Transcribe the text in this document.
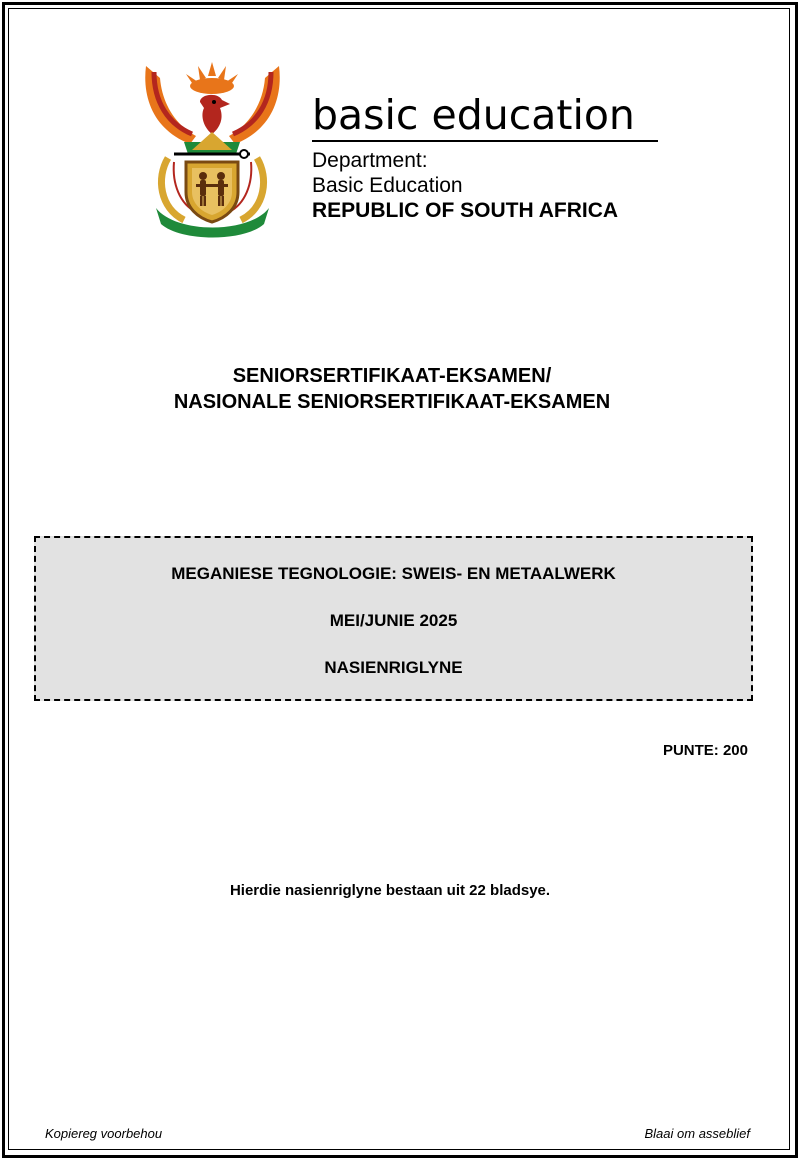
basic education
Department:
Basic Education
REPUBLIC OF SOUTH AFRICA
SENIORSERTIFIKAAT-EKSAMEN/
NASIONALE SENIORSERTIFIKAAT-EKSAMEN
MEGANIESE TEGNOLOGIE: SWEIS- EN METAALWERK
MEI/JUNIE 2025
NASIENRIGLYNE
PUNTE: 200
Hierdie nasienriglyne bestaan uit 22 bladsye.
Kopiereg voorbehou	Blaai om asseblief
